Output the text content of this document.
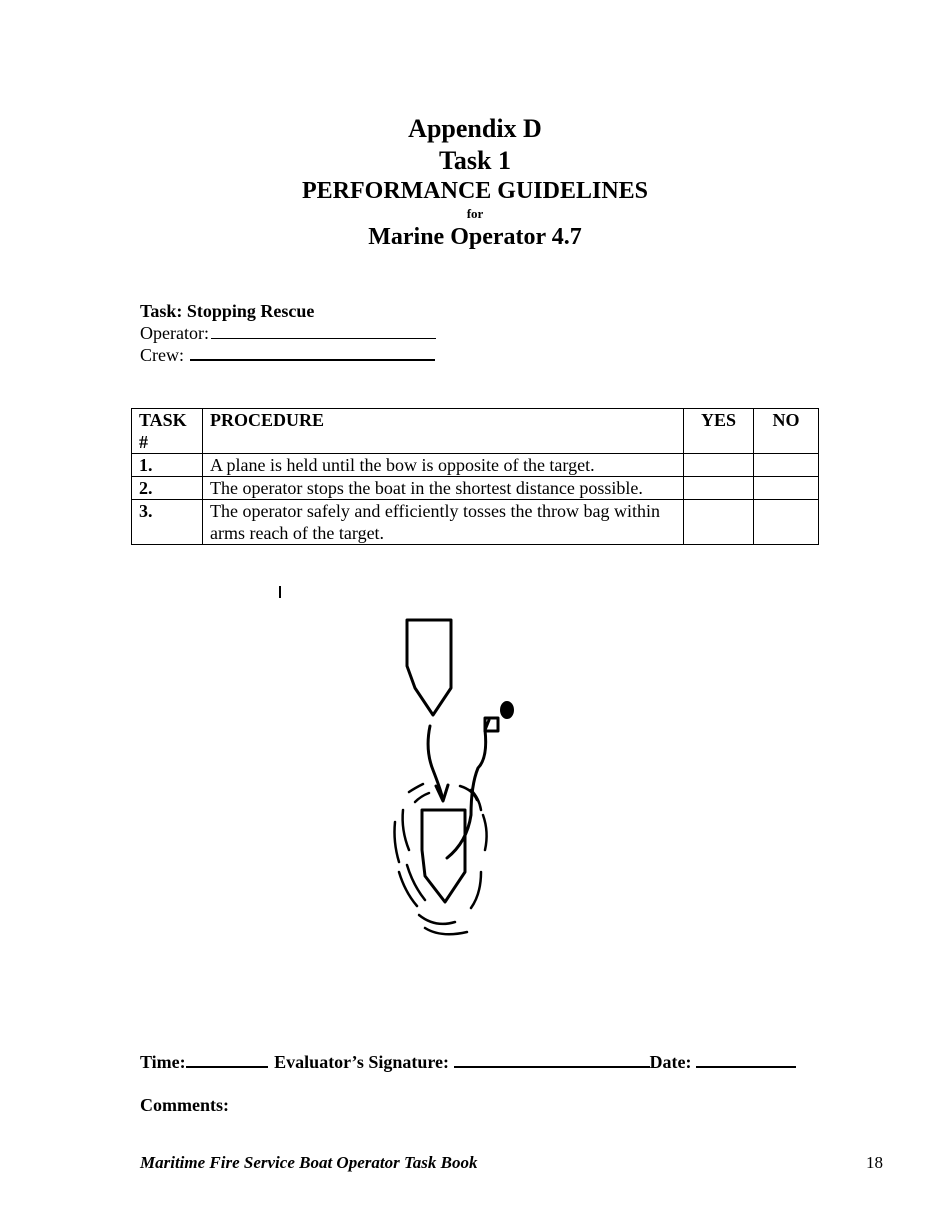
Appendix D
Task 1
PERFORMANCE GUIDELINES
for
Marine Operator 4.7
Task: Stopping Rescue
Operator:
Crew:
TASK
#	PROCEDURE	YES	NO
1.	A plane is held until the bow is opposite of the target.		
2.	The operator stops the boat in the shortest distance possible.		
3.	The operator safely and efficiently tosses the throw bag within arms reach of the target.		
Time:	Evaluator’s Signature:	Date:
Comments:
Maritime Fire Service Boat Operator Task Book	18
